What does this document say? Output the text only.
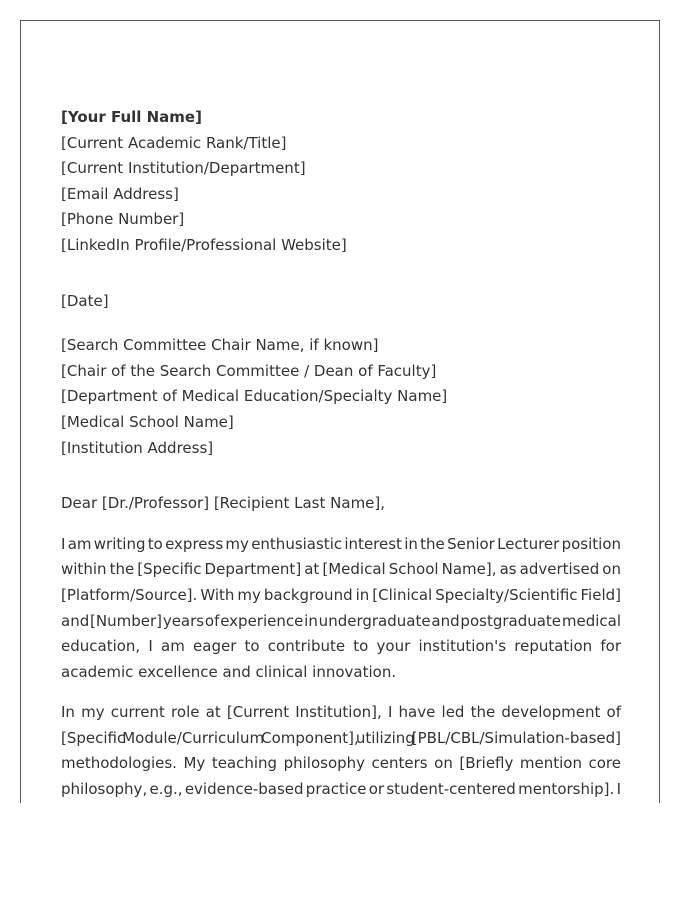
[Your Full Name]
[Current Academic Rank/Title]
[Current Institution/Department]
[Email Address]
[Phone Number]
[LinkedIn Profile/Professional Website]
[Date]
[Search Committee Chair Name, if known]
[Chair of the Search Committee / Dean of Faculty]
[Department of Medical Education/Specialty Name]
[Medical School Name]
[Institution Address]
Dear [Dr./Professor] [Recipient Last Name],
I am writing to express my enthusiastic interest in the Senior Lecturer position
within the [Specific Department] at [Medical School Name], as advertised on
[Platform/Source]. With my background in [Clinical Specialty/Scientific Field]
and [Number] years of experience in undergraduate and postgraduate medical
education, I am eager to contribute to your institution's reputation for
academic excellence and clinical innovation.
In my current role at [Current Institution], I have led the development of
[Specific Module/Curriculum Component], utilizing [PBL/CBL/Simulation-based]
methodologies. My teaching philosophy centers on [Briefly mention core
philosophy, e.g., evidence-based practice or student-centered mentorship]. I
